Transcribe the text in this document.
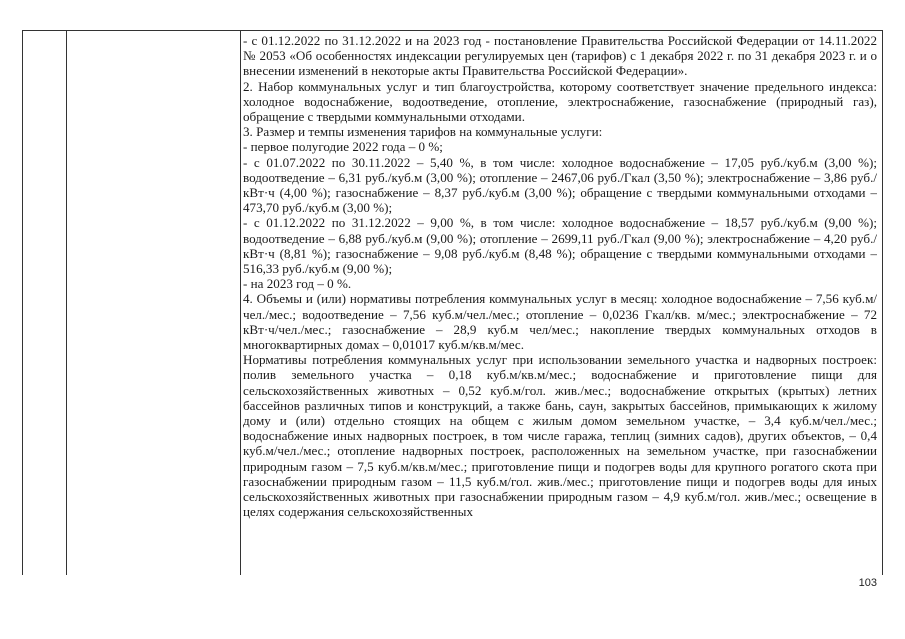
- с 01.12.2022 по 31.12.2022 и на 2023 год - постановление Правительства Российской Федерации от 14.11.2022 № 2053 «Об особенностях индексации регулируемых цен (тарифов) с 1 декабря 2022 г. по 31 декабря 2023 г. и о внесении изменений в некоторые акты Правительства Российской Федерации».

2. Набор коммунальных услуг и тип благоустройства, которому соответствует значение предельного индекса: холодное водоснабжение, водоотведение, отопление, электроснабжение, газоснабжение (природный газ), обращение с твердыми коммунальными отходами.

3. Размер и темпы изменения тарифов на коммунальные услуги:

- первое полугодие 2022 года – 0 %;

- с 01.07.2022 по 30.11.2022 – 5,40 %, в том числе: холодное водоснабжение – 17,05 руб./куб.м (3,00 %); водоотведение – 6,31 руб./куб.м (3,00 %); отопление – 2467,06 руб./Гкал (3,50 %); электроснабжение – 3,86 руб./кВт·ч (4,00 %); газоснабжение – 8,37 руб./куб.м (3,00 %); обращение с твердыми коммунальными отходами – 473,70 руб./куб.м (3,00 %);

- с 01.12.2022 по 31.12.2022 – 9,00 %, в том числе: холодное водоснабжение – 18,57 руб./куб.м (9,00 %); водоотведение – 6,88 руб./куб.м (9,00 %); отопление – 2699,11 руб./Гкал (9,00 %); электроснабжение – 4,20 руб./кВт·ч (8,81 %); газоснабжение – 9,08 руб./куб.м (8,48 %); обращение с твердыми коммунальными отходами – 516,33 руб./куб.м (9,00 %);

- на 2023 год – 0 %.

4. Объемы и (или) нормативы потребления коммунальных услуг в месяц: холодное водоснабжение – 7,56 куб.м/чел./мес.; водоотведение – 7,56 куб.м/чел./мес.; отопление – 0,0236 Гкал/кв. м/мес.; электроснабжение – 72 кВт·ч/чел./мес.; газоснабжение – 28,9 куб.м чел/мес.; накопление твердых коммунальных отходов в многоквартирных домах – 0,01017 куб.м/кв.м/мес.

Нормативы потребления коммунальных услуг при использовании земельного участка и надворных построек: полив земельного участка – 0,18 куб.м/кв.м/мес.; водоснабжение и приготовление пищи для сельскохозяйственных животных – 0,52 куб.м/гол. жив./мес.; водоснабжение открытых (крытых) летних бассейнов различных типов и конструкций, а также бань, саун, закрытых бассейнов, примыкающих к жилому дому и (или) отдельно стоящих на общем с жилым домом земельном участке, – 3,4 куб.м/чел./мес.; водоснабжение иных надворных построек, в том числе гаража, теплиц (зимних садов), других объектов, – 0,4 куб.м/чел./мес.; отопление надворных построек, расположенных на земельном участке, при газоснабжении природным газом – 7,5 куб.м/кв.м/мес.; приготовление пищи и подогрев воды для крупного рогатого скота при газоснабжении природным газом – 11,5 куб.м/гол. жив./мес.; приготовление пищи и подогрев воды для иных сельскохозяйственных животных при газоснабжении природным газом – 4,9 куб.м/гол. жив./мес.; освещение в целях содержания сельскохозяйственных

103
